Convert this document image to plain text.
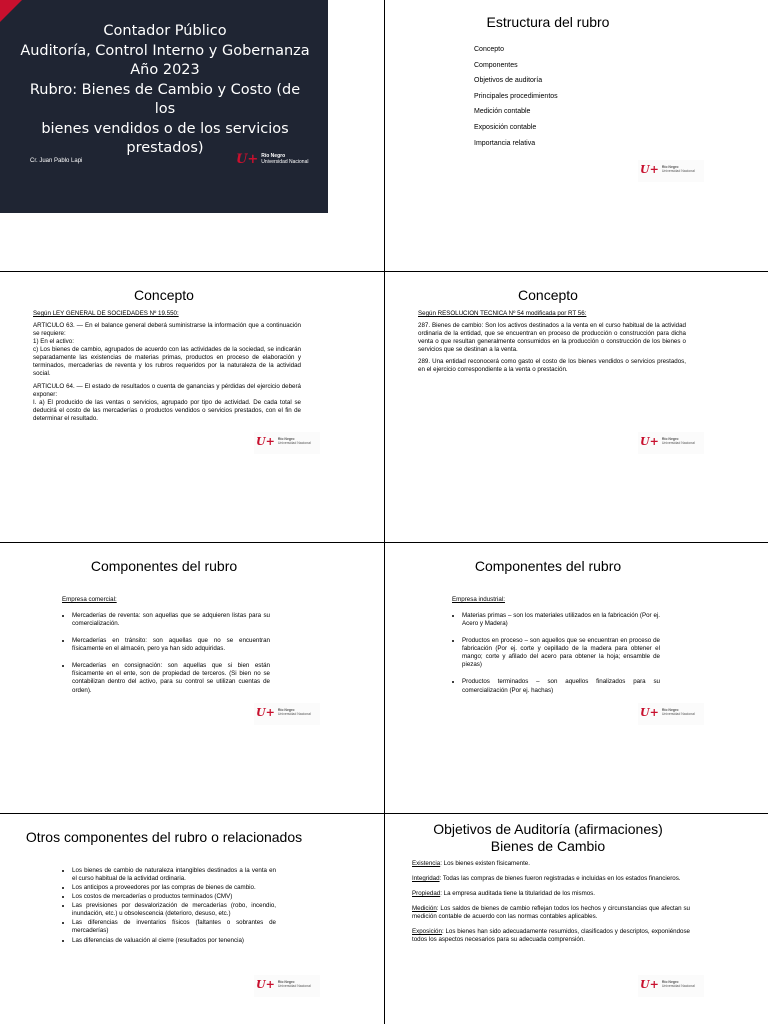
Contador Público
Auditoría, Control Interno y Gobernanza
Año 2023
Rubro: Bienes de Cambio y Costo (de los
bienes vendidos o de los servicios
prestados)
Cr. Juan Pablo Lapi	U+ Río Negro
Universidad Nacional
Estructura del rubro
Concepto
Componentes
Objetivos de auditoría
Principales procedimientos
Medición contable
Exposición contable
Importancia relativa
U+ Río Negro
Universidad Nacional
Concepto

Según LEY GENERAL DE SOCIEDADES Nº 19.550:

ARTICULO 63. — En el balance general deberá suministrarse la información que a continuación se requiere:

1) En el activo:

c) Los bienes de cambio, agrupados de acuerdo con las actividades de la sociedad, se indicarán separadamente las existencias de materias primas, productos en proceso de elaboración y terminados, mercaderías de reventa y los rubros requeridos por la naturaleza de la actividad social.

ARTICULO 64. — El estado de resultados o cuenta de ganancias y pérdidas del ejercicio deberá exponer:

I. a) El producido de las ventas o servicios, agrupado por tipo de actividad. De cada total se deducirá el costo de las mercaderías o productos vendidos o servicios prestados, con el fin de determinar el resultado.

U+ Río Negro
Universidad Nacional
Concepto

Según RESOLUCION TECNICA Nº 54 modificada por RT 56:

287. Bienes de cambio: Son los activos destinados a la venta en el curso habitual de la actividad ordinaria de la entidad, que se encuentran en proceso de producción o construcción para dicha venta o que resultan generalmente consumidos en la producción o construcción de los bienes o servicios que se destinan a la venta.

289. Una entidad reconocerá como gasto el costo de los bienes vendidos o servicios prestados, en el ejercicio correspondiente a la venta o prestación.

U+ Río Negro
Universidad Nacional
Componentes del rubro

Empresa comercial:

• Mercaderías de reventa: son aquellas que se adquieren listas para su comercialización.
• Mercaderías en tránsito: son aquellas que no se encuentran físicamente en el almacén, pero ya han sido adquiridas.
• Mercaderías en consignación: son aquellas que si bien están físicamente en el ente, son de propiedad de terceros. (Si bien no se contabilizan dentro del activo, para su control se utilizan cuentas de orden).
U+ Río Negro
Universidad Nacional
Componentes del rubro

Empresa industrial:

• Materias primas – son los materiales utilizados en la fabricación (Por ej. Acero y Madera)
• Productos en proceso – son aquellos que se encuentran en proceso de fabricación (Por ej. corte y cepillado de la madera para obtener el mango; corte y afilado del acero para obtener la hoja; ensamble de piezas)
• Productos terminados – son aquellos finalizados para su comercialización (Por ej. hachas)
U+ Río Negro
Universidad Nacional
Otros componentes del rubro o relacionados
• Los bienes de cambio de naturaleza intangibles destinados a la venta en el curso habitual de la actividad ordinaria.
• Los anticipos a proveedores por las compras de bienes de cambio.
• Los costos de mercaderías o productos terminados (CMV)
• Las previsiones por desvalorización de mercaderías (robo, incendio, inundación, etc.) u obsolescencia (deterioro, desuso, etc.)
• Las diferencias de inventarios físicos (faltantes o sobrantes de mercaderías)
• Las diferencias de valuación al cierre (resultados por tenencia)
U+ Río Negro
Universidad Nacional
Objetivos de Auditoría (afirmaciones)
Bienes de Cambio

Existencia: Los bienes existen físicamente.

Integridad: Todas las compras de bienes fueron registradas e incluidas en los estados financieros.

Propiedad: La empresa auditada tiene la titularidad de los mismos.

Medición: Los saldos de bienes de cambio reflejan todos los hechos y circunstancias que afectan su medición contable de acuerdo con las normas contables aplicables.

Exposición: Los bienes han sido adecuadamente resumidos, clasificados y descriptos, exponiéndose todos los aspectos necesarios para su adecuada comprensión.

U+ Río Negro
Universidad Nacional
